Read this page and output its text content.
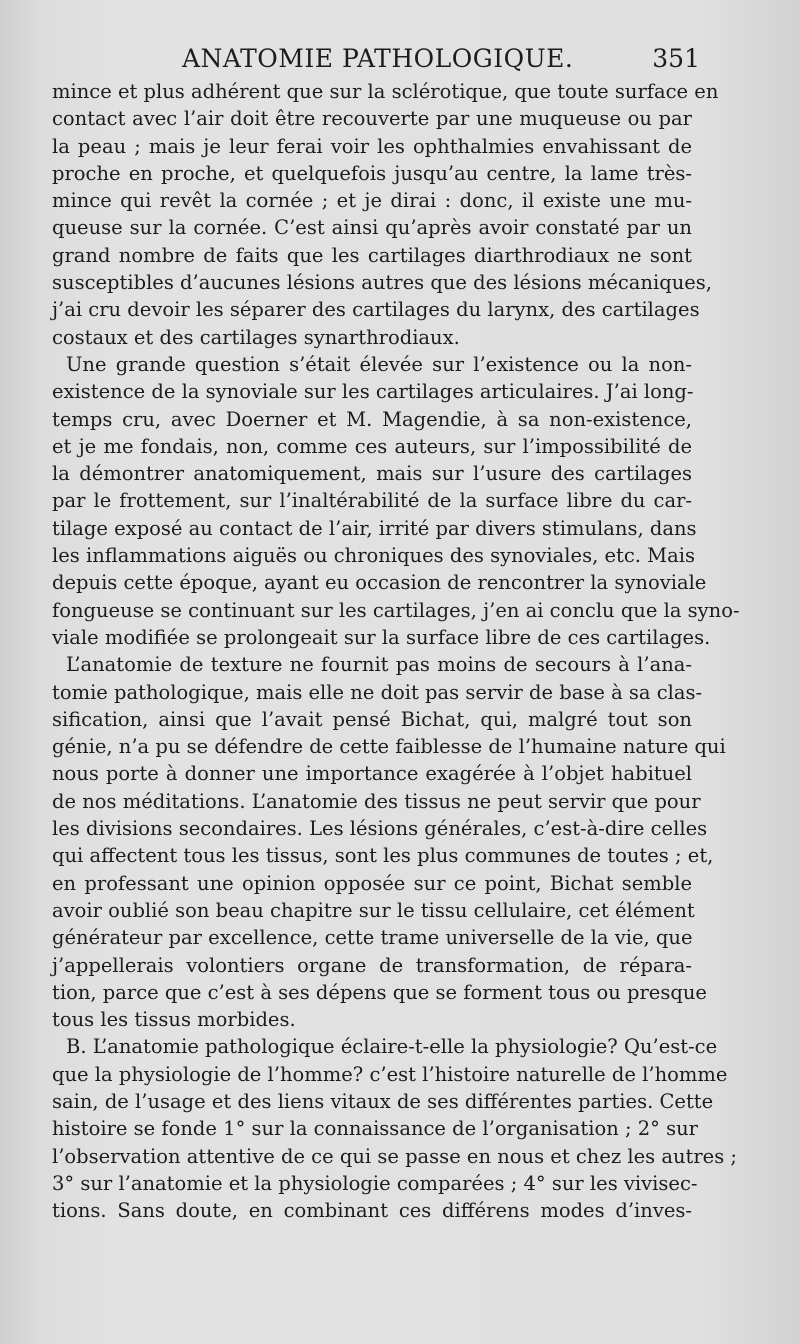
ANATOMIE PATHOLOGIQUE.	351
mince et plus adhérent que sur la sclérotique, que toute surface en
contact avec l’air doit être recouverte par une muqueuse ou par
la peau ; mais je leur ferai voir les ophthalmies envahissant de
proche en proche, et quelquefois jusqu’au centre, la lame très-
mince qui revêt la cornée ; et je dirai : donc, il existe une mu-
queuse sur la cornée. C’est ainsi qu’après avoir constaté par un
grand nombre de faits que les cartilages diarthrodiaux ne sont
susceptibles d’aucunes lésions autres que des lésions mécaniques,
j’ai cru devoir les séparer des cartilages du larynx, des cartilages
costaux et des cartilages synarthrodiaux.
Une grande question s’était élevée sur l’existence ou la non-
existence de la synoviale sur les cartilages articulaires. J’ai long-
temps cru, avec Doerner et M. Magendie, à sa non-existence,
et je me fondais, non, comme ces auteurs, sur l’impossibilité de
la démontrer anatomiquement, mais sur l’usure des cartilages
par le frottement, sur l’inaltérabilité de la surface libre du car-
tilage exposé au contact de l’air, irrité par divers stimulans, dans
les inflammations aiguës ou chroniques des synoviales, etc. Mais
depuis cette époque, ayant eu occasion de rencontrer la synoviale
fongueuse se continuant sur les cartilages, j’en ai conclu que la syno-
viale modifiée se prolongeait sur la surface libre de ces cartilages.
L’anatomie de texture ne fournit pas moins de secours à l’ana-
tomie pathologique, mais elle ne doit pas servir de base à sa clas-
sification, ainsi que l’avait pensé Bichat, qui, malgré tout son
génie, n’a pu se défendre de cette faiblesse de l’humaine nature qui
nous porte à donner une importance exagérée à l’objet habituel
de nos méditations. L’anatomie des tissus ne peut servir que pour
les divisions secondaires. Les lésions générales, c’est-à-dire celles
qui affectent tous les tissus, sont les plus communes de toutes ; et,
en professant une opinion opposée sur ce point, Bichat semble
avoir oublié son beau chapitre sur le tissu cellulaire, cet élément
générateur par excellence, cette trame universelle de la vie, que
j’appellerais volontiers organe de transformation, de répara-
tion, parce que c’est à ses dépens que se forment tous ou presque
tous les tissus morbides.
B. L’anatomie pathologique éclaire-t-elle la physiologie? Qu’est-ce
que la physiologie de l’homme? c’est l’histoire naturelle de l’homme
sain, de l’usage et des liens vitaux de ses différentes parties. Cette
histoire se fonde 1° sur la connaissance de l’organisation ; 2° sur
l’observation attentive de ce qui se passe en nous et chez les autres ;
3° sur l’anatomie et la physiologie comparées ; 4° sur les vivisec-
tions. Sans doute, en combinant ces différens modes d’inves-
